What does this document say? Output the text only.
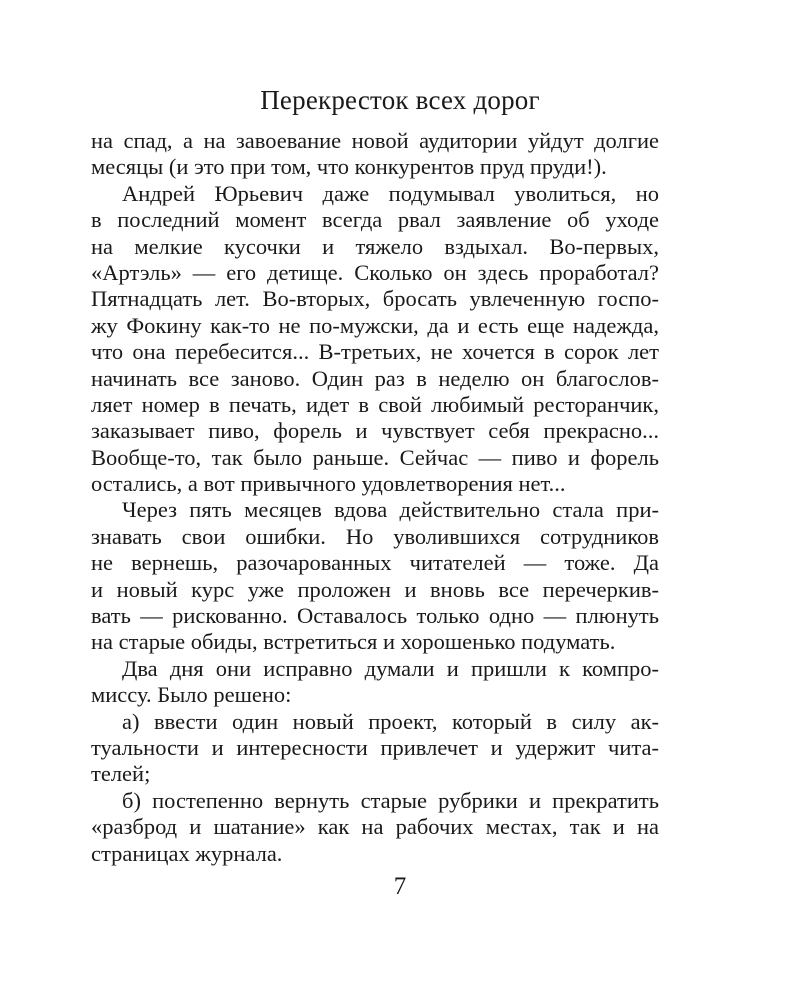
Перекресток всех дорог
на спад, а на завоевание новой аудитории уйдут долгие
месяцы (и это при том, что конкурентов пруд пруди!).
Андрей Юрьевич даже подумывал уволиться, но
в последний момент всегда рвал заявление об уходе
на мелкие кусочки и тяжело вздыхал. Во-первых,
«Артэль» — его детище. Сколько он здесь проработал?
Пятнадцать лет. Во-вторых, бросать увлеченную госпо-
жу Фокину как-то не по-мужски, да и есть еще надежда,
что она перебесится... В-третьих, не хочется в сорок лет
начинать все заново. Один раз в неделю он благослов-
ляет номер в печать, идет в свой любимый ресторанчик,
заказывает пиво, форель и чувствует себя прекрасно...
Вообще-то, так было раньше. Сейчас — пиво и форель
остались, а вот привычного удовлетворения нет...
Через пять месяцев вдова действительно стала при-
знавать свои ошибки. Но уволившихся сотрудников
не вернешь, разочарованных читателей — тоже. Да
и новый курс уже проложен и вновь все перечеркив-
вать — рискованно. Оставалось только одно — плюнуть
на старые обиды, встретиться и хорошенько подумать.
Два дня они исправно думали и пришли к компро-
миссу. Было решено:
а) ввести один новый проект, который в силу ак-
туальности и интересности привлечет и удержит чита-
телей;
б) постепенно вернуть старые рубрики и прекратить
«разброд и шатание» как на рабочих местах, так и на
страницах журнала.
7
